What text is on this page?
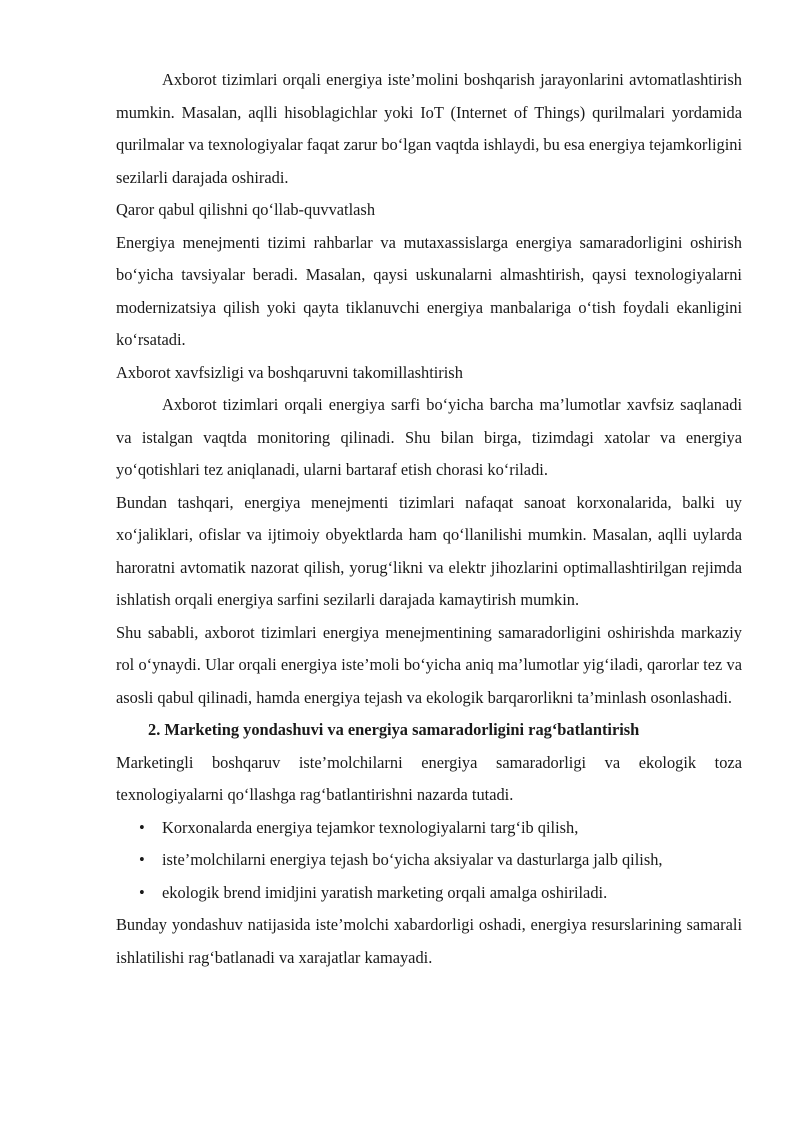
Axborot tizimlari orqali energiya iste’molini boshqarish jarayonlarini avtomatlashtirish mumkin. Masalan, aqlli hisoblagichlar yoki IoT (Internet of Things) qurilmalari yordamida qurilmalar va texnologiyalar faqat zarur bo‘lgan vaqtda ishlaydi, bu esa energiya tejamkorligini sezilarli darajada oshiradi.

Qaror qabul qilishni qo‘llab-quvvatlash

Energiya menejmenti tizimi rahbarlar va mutaxassislarga energiya samaradorligini oshirish bo‘yicha tavsiyalar beradi. Masalan, qaysi uskunalarni almashtirish, qaysi texnologiyalarni modernizatsiya qilish yoki qayta tiklanuvchi energiya manbalariga o‘tish foydali ekanligini ko‘rsatadi.

Axborot xavfsizligi va boshqaruvni takomillashtirish

Axborot tizimlari orqali energiya sarfi bo‘yicha barcha ma’lumotlar xavfsiz saqlanadi va istalgan vaqtda monitoring qilinadi. Shu bilan birga, tizimdagi xatolar va energiya yo‘qotishlari tez aniqlanadi, ularni bartaraf etish chorasi ko‘riladi.

Bundan tashqari, energiya menejmenti tizimlari nafaqat sanoat korxonalarida, balki uy xo‘jaliklari, ofislar va ijtimoiy obyektlarda ham qo‘llanilishi mumkin. Masalan, aqlli uylarda haroratni avtomatik nazorat qilish, yorug‘likni va elektr jihozlarini optimallashtirilgan rejimda ishlatish orqali energiya sarfini sezilarli darajada kamaytirish mumkin.

Shu sababli, axborot tizimlari energiya menejmentining samaradorligini oshirishda markaziy rol o‘ynaydi. Ular orqali energiya iste’moli bo‘yicha aniq ma’lumotlar yig‘iladi, qarorlar tez va asosli qabul qilinadi, hamda energiya tejash va ekologik barqarorlikni ta’minlash osonlashadi.

2. Marketing yondashuvi va energiya samaradorligini rag‘batlantirish

Marketingli boshqaruv iste’molchilarni energiya samaradorligi va ekologik toza texnologiyalarni qo‘llashga rag‘batlantirishni nazarda tutadi.

• Korxonalarda energiya tejamkor texnologiyalarni targ‘ib qilish,
• iste’molchilarni energiya tejash bo‘yicha aksiyalar va dasturlarga jalb qilish,
• ekologik brend imidjini yaratish marketing orqali amalga oshiriladi.

Bunday yondashuv natijasida iste’molchi xabardorligi oshadi, energiya resurslarining samarali ishlatilishi rag‘batlanadi va xarajatlar kamayadi.
